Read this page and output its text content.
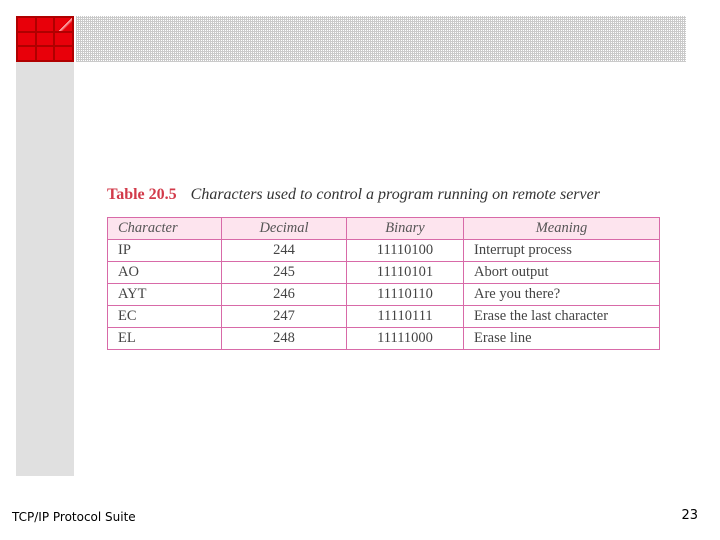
Table 20.5 Characters used to control a program running on remote server
Character	Decimal	Binary	Meaning
IP	244	11110100	Interrupt process
AO	245	11110101	Abort output
AYT	246	11110110	Are you there?
EC	247	11110111	Erase the last character
EL	248	11111000	Erase line
TCP/IP Protocol Suite	23
